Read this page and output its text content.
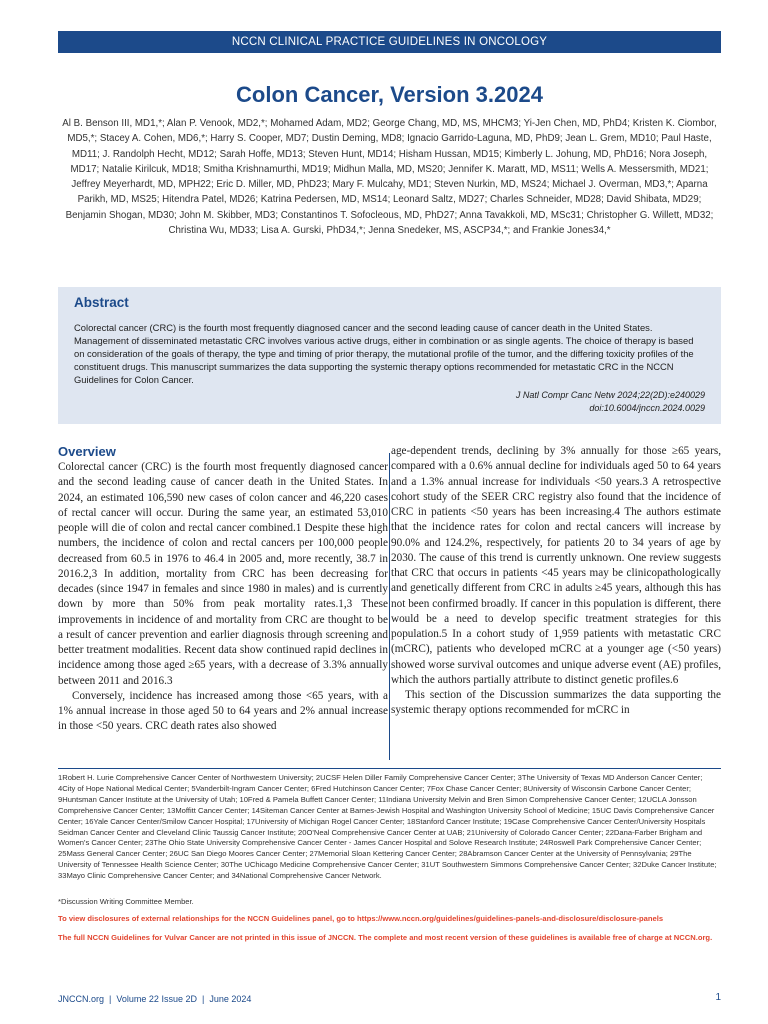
NCCN CLINICAL PRACTICE GUIDELINES IN ONCOLOGY
Colon Cancer, Version 3.2024
Al B. Benson III, MD1,*; Alan P. Venook, MD2,*; Mohamed Adam, MD2; George Chang, MD, MS, MHCM3; Yi-Jen Chen, MD, PhD4; Kristen K. Ciombor, MD5,*; Stacey A. Cohen, MD6,*; Harry S. Cooper, MD7; Dustin Deming, MD8; Ignacio Garrido-Laguna, MD, PhD9; Jean L. Grem, MD10; Paul Haste, MD11; J. Randolph Hecht, MD12; Sarah Hoffe, MD13; Steven Hunt, MD14; Hisham Hussan, MD15; Kimberly L. Johung, MD, PhD16; Nora Joseph, MD17; Natalie Kirilcuk, MD18; Smitha Krishnamurthi, MD19; Midhun Malla, MD, MS20; Jennifer K. Maratt, MD, MS11; Wells A. Messersmith, MD21; Jeffrey Meyerhardt, MD, MPH22; Eric D. Miller, MD, PhD23; Mary F. Mulcahy, MD1; Steven Nurkin, MD, MS24; Michael J. Overman, MD3,*; Aparna Parikh, MD, MS25; Hitendra Patel, MD26; Katrina Pedersen, MD, MS14; Leonard Saltz, MD27; Charles Schneider, MD28; David Shibata, MD29; Benjamin Shogan, MD30; John M. Skibber, MD3; Constantinos T. Sofocleous, MD, PhD27; Anna Tavakkoli, MD, MSc31; Christopher G. Willett, MD32; Christina Wu, MD33; Lisa A. Gurski, PhD34,*; Jenna Snedeker, MS, ASCP34,*; and Frankie Jones34,*
Abstract

Colorectal cancer (CRC) is the fourth most frequently diagnosed cancer and the second leading cause of cancer death in the United States. Management of disseminated metastatic CRC involves various active drugs, either in combination or as single agents. The choice of therapy is based on consideration of the goals of therapy, the type and timing of prior therapy, the mutational profile of the tumor, and the differing toxicity profiles of the constituent drugs. This manuscript summarizes the data supporting the systemic therapy options recommended for metastatic CRC in the NCCN Guidelines for Colon Cancer.

J Natl Compr Canc Netw 2024;22(2D):e240029
doi:10.6004/jnccn.2024.0029
Overview

Colorectal cancer (CRC) is the fourth most frequently diagnosed cancer and the second leading cause of cancer death in the United States. In 2024, an estimated 106,590 new cases of colon cancer and 46,220 cases of rectal cancer will occur. During the same year, an estimated 53,010 people will die of colon and rectal cancer combined.1 Despite these high numbers, the incidence of colon and rectal cancers per 100,000 people decreased from 60.5 in 1976 to 46.4 in 2005 and, more recently, 38.7 in 2016.2,3 In addition, mortality from CRC has been decreasing for decades (since 1947 in females and since 1980 in males) and is currently down by more than 50% from peak mortality rates.1,3 These improvements in incidence of and mortality from CRC are thought to be a result of cancer prevention and earlier diagnosis through screening and better treatment modalities. Recent data show continued rapid declines in incidence among those aged ≥65 years, with a decrease of 3.3% annually between 2011 and 2016.3

Conversely, incidence has increased among those <65 years, with a 1% annual increase in those aged 50 to 64 years and 2% annual increase in those <50 years. CRC death rates also showed

age-dependent trends, declining by 3% annually for those ≥65 years, compared with a 0.6% annual decline for individuals aged 50 to 64 years and a 1.3% annual increase for individuals <50 years.3 A retrospective cohort study of the SEER CRC registry also found that the incidence of CRC in patients <50 years has been increasing.4 The authors estimate that the incidence rates for colon and rectal cancers will increase by 90.0% and 124.2%, respectively, for patients 20 to 34 years of age by 2030. The cause of this trend is currently unknown. One review suggests that CRC that occurs in patients <45 years may be clinicopathologically and genetically different from CRC in adults ≥45 years, although this has not been confirmed broadly. If cancer in this population is different, there would be a need to develop specific treatment strategies for this population.5 In a cohort study of 1,959 patients with metastatic CRC (mCRC), patients who developed mCRC at a younger age (<50 years) showed worse survival outcomes and unique adverse event (AE) profiles, which the authors partially attribute to distinct genetic profiles.6

This section of the Discussion summarizes the data supporting the systemic therapy options recommended for mCRC in

1Robert H. Lurie Comprehensive Cancer Center of Northwestern University; 2UCSF Helen Diller Family Comprehensive Cancer Center; 3The University of Texas MD Anderson Cancer Center; 4City of Hope National Medical Center; 5Vanderbilt-Ingram Cancer Center; 6Fred Hutchinson Cancer Center; 7Fox Chase Cancer Center; 8University of Wisconsin Carbone Cancer Center; 9Huntsman Cancer Institute at the University of Utah; 10Fred & Pamela Buffett Cancer Center; 11Indiana University Melvin and Bren Simon Comprehensive Cancer Center; 12UCLA Jonsson Comprehensive Cancer Center; 13Moffitt Cancer Center; 14Siteman Cancer Center at Barnes-Jewish Hospital and Washington University School of Medicine; 15UC Davis Comprehensive Cancer Center; 16Yale Cancer Center/Smilow Cancer Hospital; 17University of Michigan Rogel Cancer Center; 18Stanford Cancer Institute; 19Case Comprehensive Cancer Center/University Hospitals Seidman Cancer Center and Cleveland Clinic Taussig Cancer Institute; 20O'Neal Comprehensive Cancer Center at UAB; 21University of Colorado Cancer Center; 22Dana-Farber Brigham and Women's Cancer Center; 23The Ohio State University Comprehensive Cancer Center - James Cancer Hospital and Solove Research Institute; 24Roswell Park Comprehensive Cancer Center; 25Mass General Cancer Center; 26UC San Diego Moores Cancer Center; 27Memorial Sloan Kettering Cancer Center; 28Abramson Cancer Center at the University of Pennsylvania; 29The University of Tennessee Health Science Center; 30The UChicago Medicine Comprehensive Cancer Center; 31UT Southwestern Simmons Comprehensive Cancer Center; 32Duke Cancer Institute; 33Mayo Clinic Comprehensive Cancer Center; and 34National Comprehensive Cancer Network.
*Discussion Writing Committee Member.
To view disclosures of external relationships for the NCCN Guidelines panel, go to https://www.nccn.org/guidelines/guidelines-panels-and-disclosure/disclosure-panels
The full NCCN Guidelines for Vulvar Cancer are not printed in this issue of JNCCN. The complete and most recent version of these guidelines is available free of charge at NCCN.org.
JNCCN.org  |  Volume 22 Issue 2D  |  June 2024	1
